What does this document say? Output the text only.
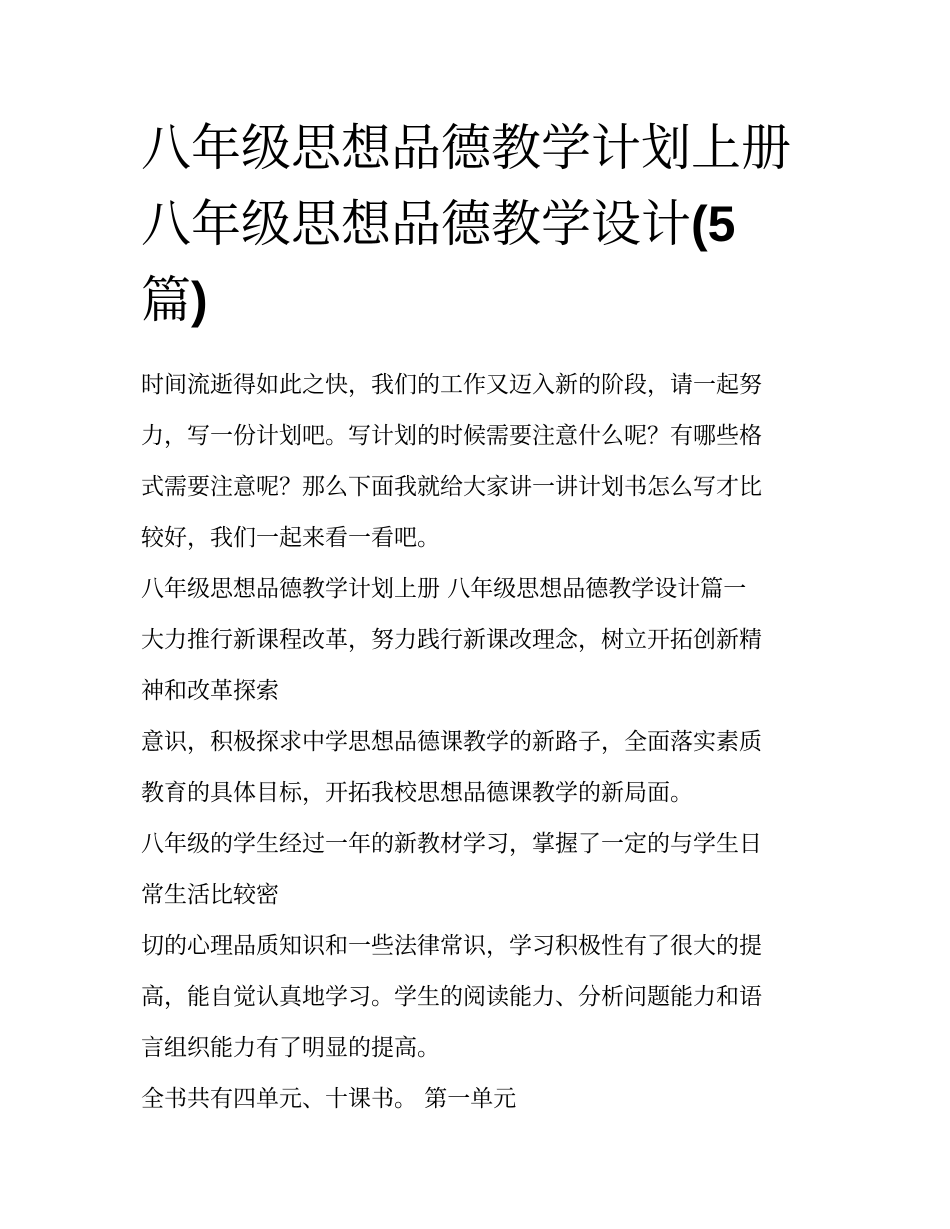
八年级思想品德教学计划上册
八年级思想品德教学设计(5
篇)
时间流逝得如此之快，我们的工作又迈入新的阶段，请一起努
力，写一份计划吧。写计划的时候需要注意什么呢？有哪些格
式需要注意呢？那么下面我就给大家讲一讲计划书怎么写才比
较好，我们一起来看一看吧。
八年级思想品德教学计划上册 八年级思想品德教学设计篇一
大力推行新课程改革，努力践行新课改理念，树立开拓创新精
神和改革探索
意识，积极探求中学思想品德课教学的新路子，全面落实素质
教育的具体目标，开拓我校思想品德课教学的新局面。
八年级的学生经过一年的新教材学习，掌握了一定的与学生日
常生活比较密
切的心理品质知识和一些法律常识，学习积极性有了很大的提
高，能自觉认真地学习。学生的阅读能力、分析问题能力和语
言组织能力有了明显的提高。
全书共有四单元、十课书。 第一单元
